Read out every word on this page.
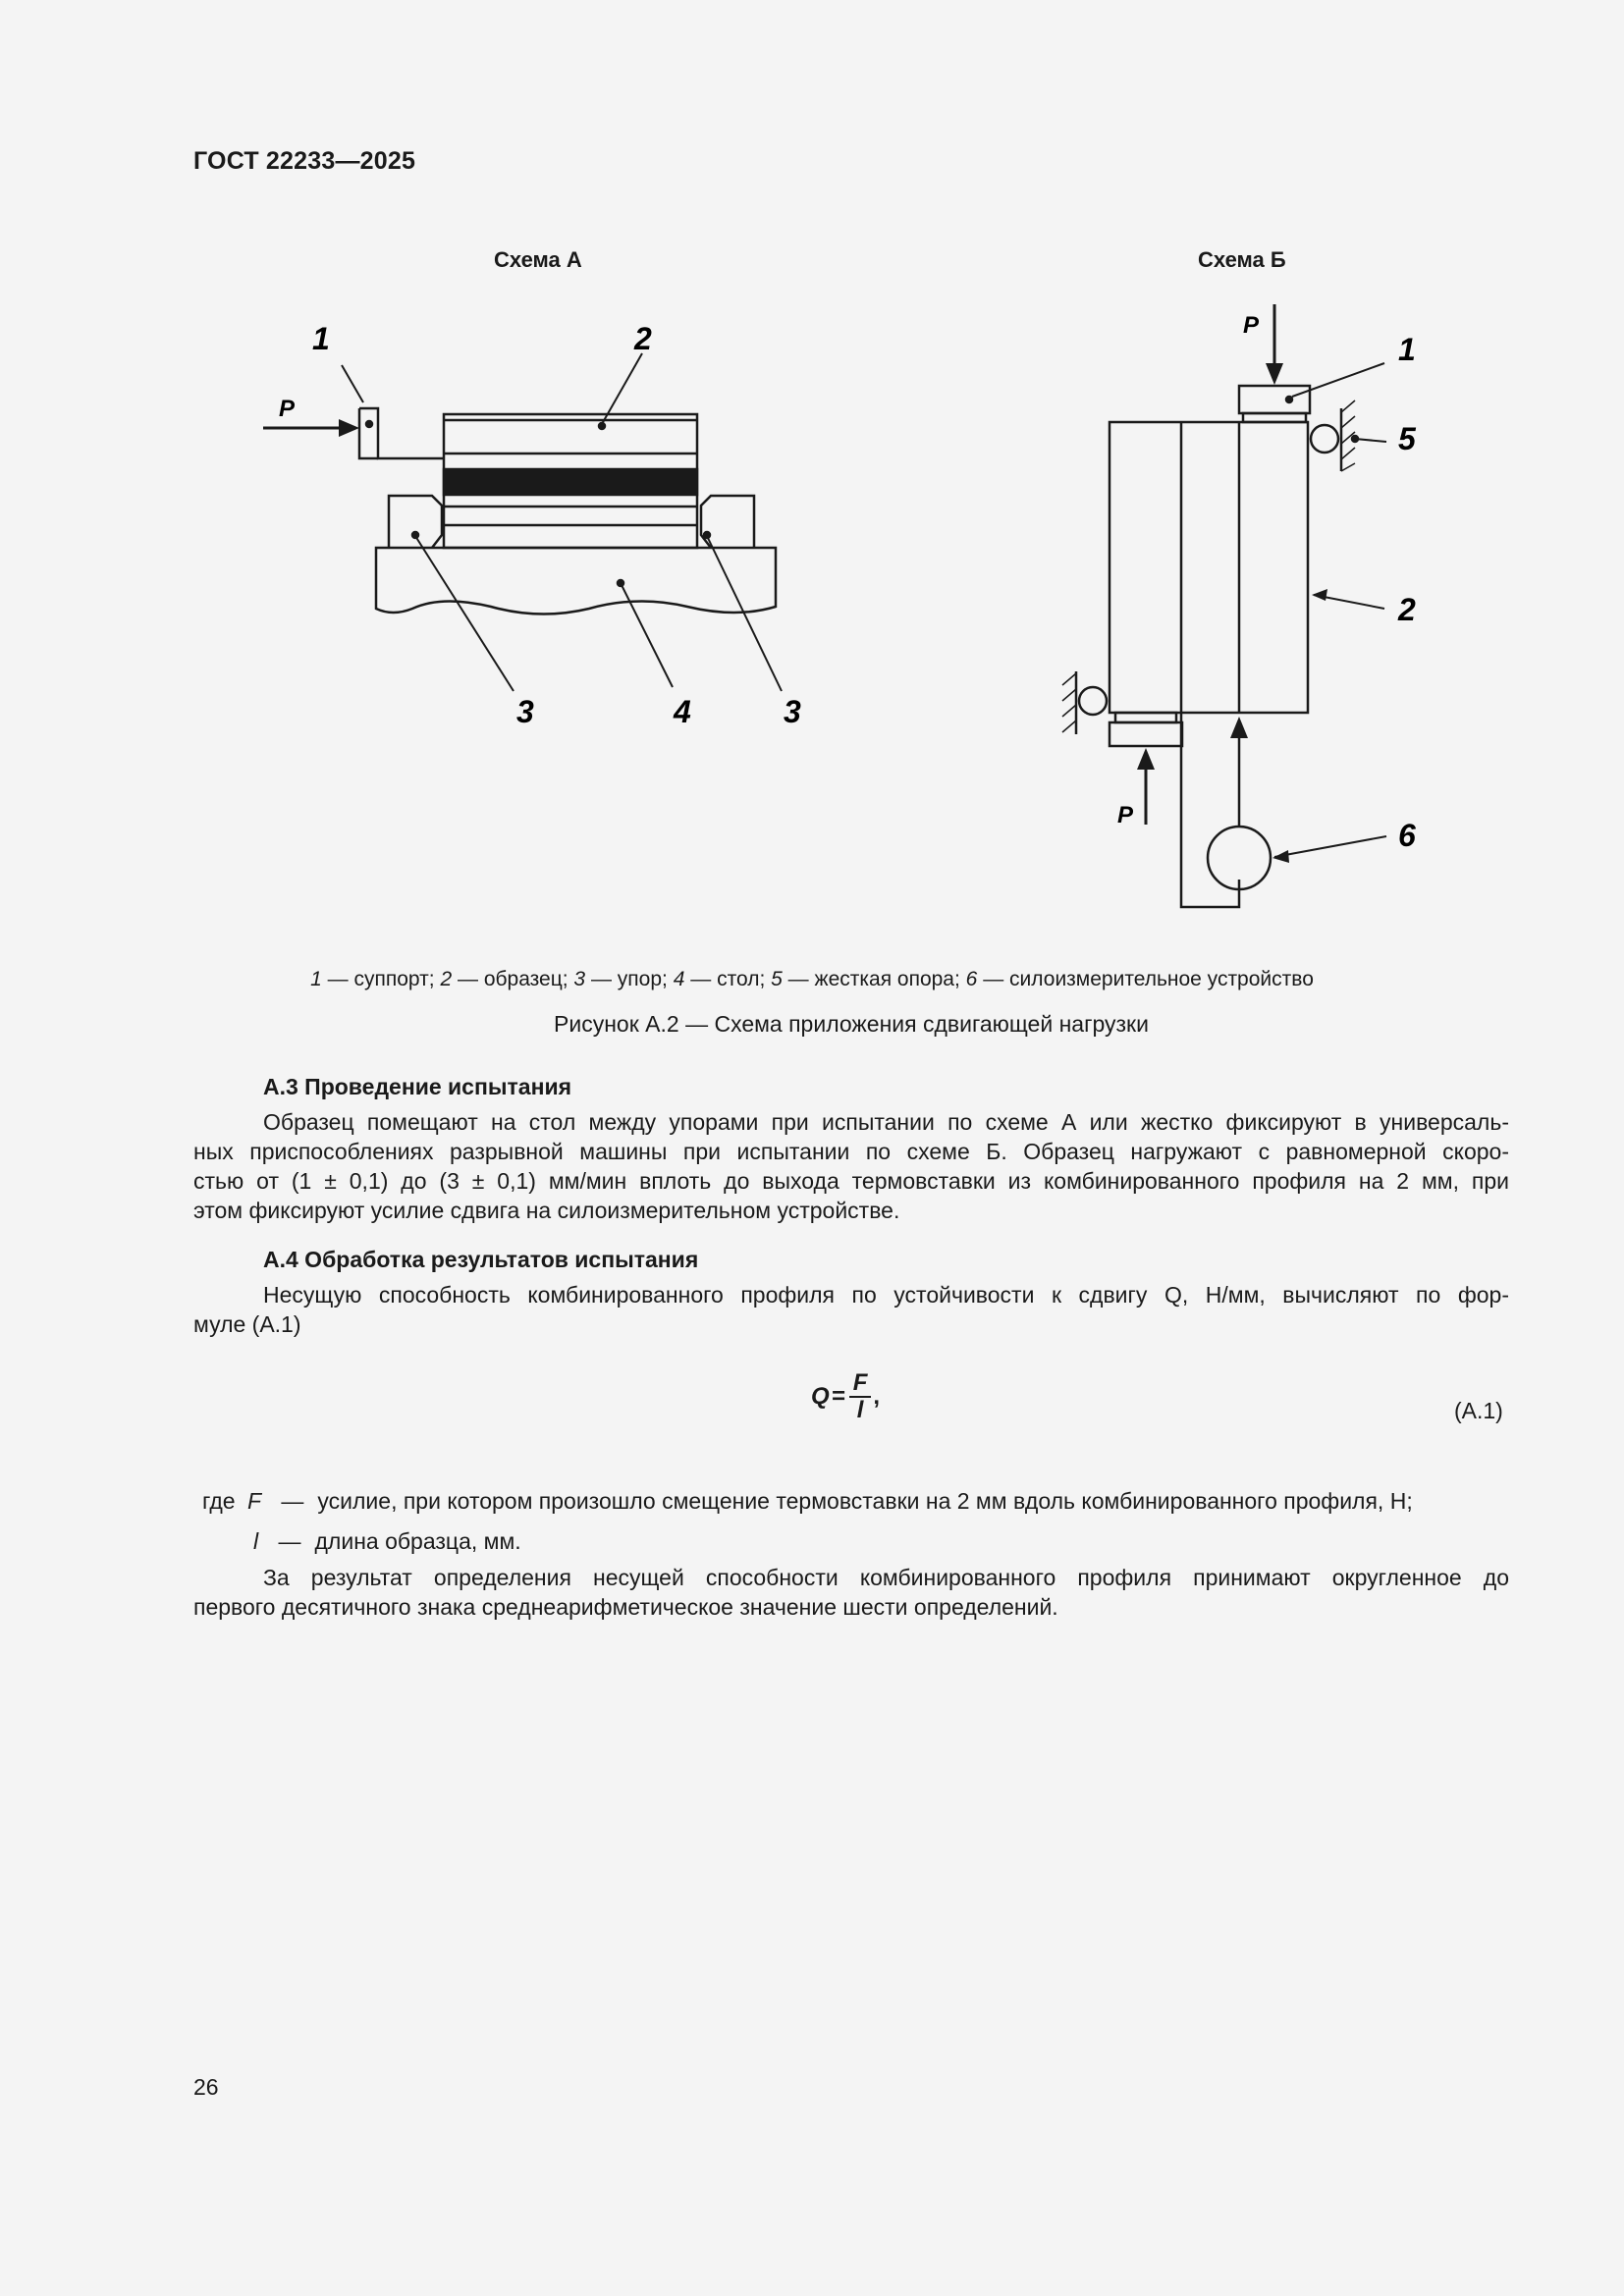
ГОСТ 22233—2025
Схема А	Схема Б
P
1	2
3	4	3
P
P
1
5
2
6
1 — суппорт; 2 — образец; 3 — упор; 4 — стол; 5 — жесткая опора; 6 — силоизмерительное устройство
Рисунок А.2 — Схема приложения сдвигающей нагрузки
А.3 Проведение испытания
Образец помещают на стол между упорами при испытании по схеме А или жестко фиксируют в универсаль-
ных приспособлениях разрывной машины при испытании по схеме Б. Образец нагружают с равномерной скоро-
стью от (1 ± 0,1) до (3 ± 0,1) мм/мин вплоть до выхода термовставки из комбинированного профиля на 2 мм, при
этом фиксируют усилие сдвига на силоизмерительном устройстве.
А.4 Обработка результатов испытания
Несущую способность комбинированного профиля по устойчивости к сдвигу Q, Н/мм, вычисляют по фор-
муле (А.1)
$Q = \frac{F}{l}$ ,
(А.1)
где F — усилие, при котором произошло смещение термовставки на 2 мм вдоль комбинированного профиля, Н;
l — длина образца, мм.
За результат определения несущей способности комбинированного профиля принимают округленное до
первого десятичного знака среднеарифметическое значение шести определений.
26
